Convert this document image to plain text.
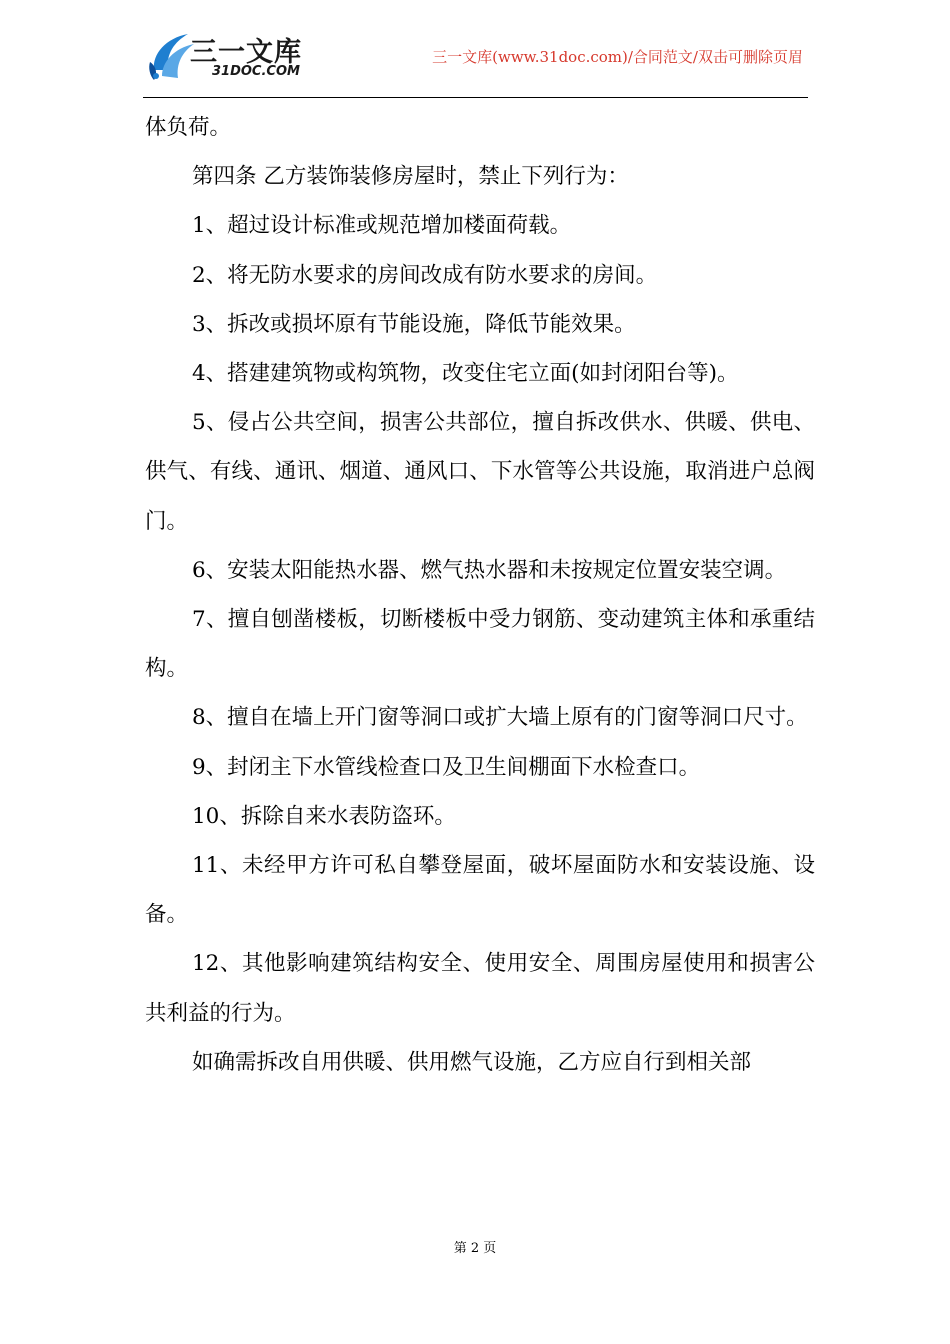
三一文库
31DOC.COM
三一文库(www.31doc.com)/合同范文/双击可删除页眉

体负荷。

第四条 乙方装饰装修房屋时，禁止下列行为：

1、超过设计标准或规范增加楼面荷载。

2、将无防水要求的房间改成有防水要求的房间。

3、拆改或损坏原有节能设施，降低节能效果。

4、搭建建筑物或构筑物，改变住宅立面(如封闭阳台等)。

5、侵占公共空间，损害公共部位，擅自拆改供水、供暖、供电、供气、有线、通讯、烟道、通风口、下水管等公共设施，取消进户总阀门。

6、安装太阳能热水器、燃气热水器和未按规定位置安装空调。

7、擅自刨凿楼板，切断楼板中受力钢筋、变动建筑主体和承重结构。

8、擅自在墙上开门窗等洞口或扩大墙上原有的门窗等洞口尺寸。

9、封闭主下水管线检查口及卫生间棚面下水检查口。

10、拆除自来水表防盗环。

11、未经甲方许可私自攀登屋面，破坏屋面防水和安装设施、设备。

12、其他影响建筑结构安全、使用安全、周围房屋使用和损害公共利益的行为。

如确需拆改自用供暖、供用燃气设施，乙方应自行到相关部

第 2 页
